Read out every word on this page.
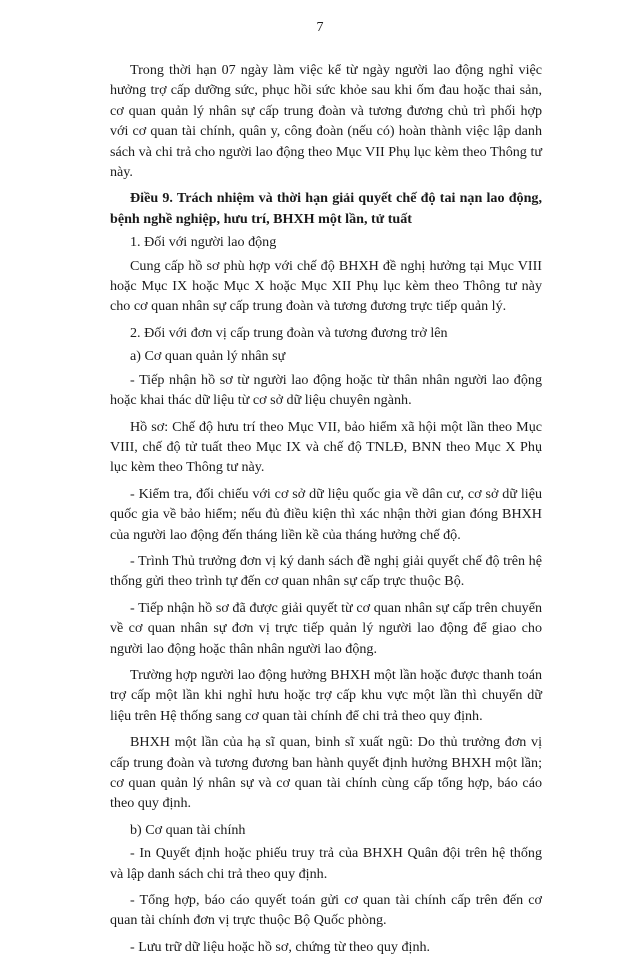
7

Trong thời hạn 07 ngày làm việc kể từ ngày người lao động nghỉ việc hưởng trợ cấp dưỡng sức, phục hồi sức khỏe sau khi ốm đau hoặc thai sản, cơ quan quản lý nhân sự cấp trung đoàn và tương đương chủ trì phối hợp với cơ quan tài chính, quân y, công đoàn (nếu có) hoàn thành việc lập danh sách và chi trả cho người lao động theo Mục VII Phụ lục kèm theo Thông tư này.

Điều 9. Trách nhiệm và thời hạn giải quyết chế độ tai nạn lao động, bệnh nghề nghiệp, hưu trí, BHXH một lần, tử tuất

1. Đối với người lao động

Cung cấp hồ sơ phù hợp với chế độ BHXH đề nghị hưởng tại Mục VIII hoặc Mục IX hoặc Mục X hoặc Mục XII Phụ lục kèm theo Thông tư này cho cơ quan nhân sự cấp trung đoàn và tương đương trực tiếp quản lý.

2. Đối với đơn vị cấp trung đoàn và tương đương trở lên

a) Cơ quan quản lý nhân sự

- Tiếp nhận hồ sơ từ người lao động hoặc từ thân nhân người lao động hoặc khai thác dữ liệu từ cơ sở dữ liệu chuyên ngành.

Hồ sơ: Chế độ hưu trí theo Mục VII, bảo hiểm xã hội một lần theo Mục VIII, chế độ tử tuất theo Mục IX và chế độ TNLĐ, BNN theo Mục X Phụ lục kèm theo Thông tư này.

- Kiểm tra, đối chiếu với cơ sở dữ liệu quốc gia về dân cư, cơ sở dữ liệu quốc gia về bảo hiểm; nếu đủ điều kiện thì xác nhận thời gian đóng BHXH của người lao động đến tháng liền kề của tháng hưởng chế độ.

- Trình Thủ trưởng đơn vị ký danh sách đề nghị giải quyết chế độ trên hệ thống gửi theo trình tự đến cơ quan nhân sự cấp trực thuộc Bộ.

- Tiếp nhận hồ sơ đã được giải quyết từ cơ quan nhân sự cấp trên chuyển về cơ quan nhân sự đơn vị trực tiếp quản lý người lao động để giao cho người lao động hoặc thân nhân người lao động.

Trường hợp người lao động hưởng BHXH một lần hoặc được thanh toán trợ cấp một lần khi nghỉ hưu hoặc trợ cấp khu vực một lần thì chuyển dữ liệu trên Hệ thống sang cơ quan tài chính để chi trả theo quy định.

BHXH một lần của hạ sĩ quan, binh sĩ xuất ngũ: Do thủ trưởng đơn vị cấp trung đoàn và tương đương ban hành quyết định hưởng BHXH một lần; cơ quan quản lý nhân sự và cơ quan tài chính cùng cấp tổng hợp, báo cáo theo quy định.

b) Cơ quan tài chính

- In Quyết định hoặc phiếu truy trả của BHXH Quân đội trên hệ thống và lập danh sách chi trả theo quy định.

- Tổng hợp, báo cáo quyết toán gửi cơ quan tài chính cấp trên đến cơ quan tài chính đơn vị trực thuộc Bộ Quốc phòng.

- Lưu trữ dữ liệu hoặc hồ sơ, chứng từ theo quy định.
